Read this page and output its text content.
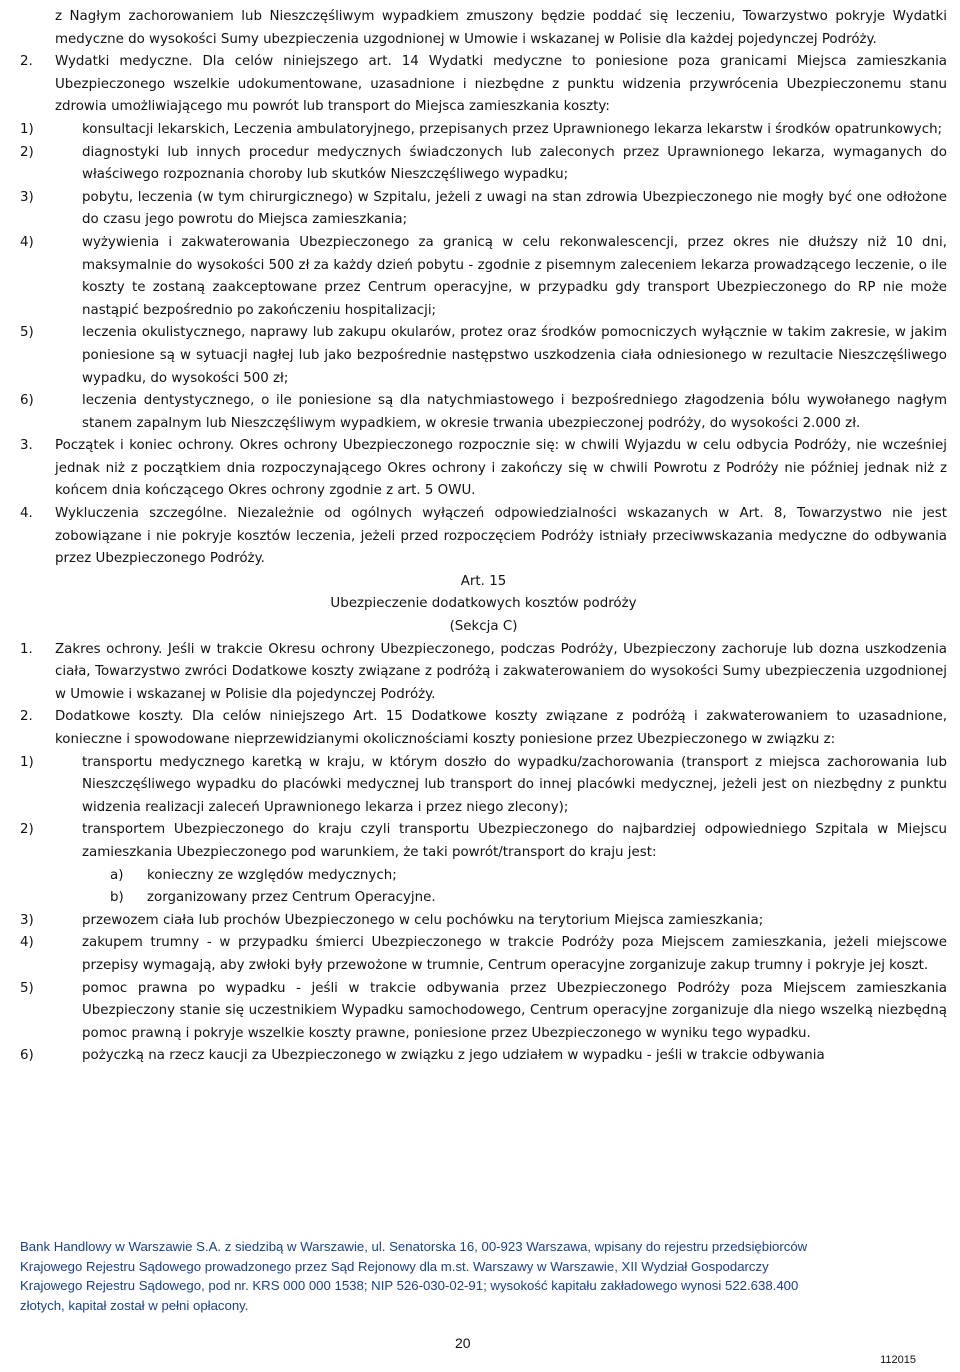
z Nagłym zachorowaniem lub Nieszczęśliwym wypadkiem zmuszony będzie poddać się leczeniu, Towarzystwo pokryje Wydatki medyczne do wysokości Sumy ubezpieczenia uzgodnionej w Umowie i wskazanej w Polisie dla każdej pojedynczej Podróży.

2.	Wydatki medyczne. Dla celów niniejszego art. 14 Wydatki medyczne to poniesione poza granicami Miejsca zamieszkania Ubezpieczonego wszelkie udokumentowane, uzasadnione i niezbędne z punktu widzenia przywrócenia Ubezpieczonemu stanu zdrowia umożliwiającego mu powrót lub transport do Miejsca zamieszkania koszty:
1)	konsultacji lekarskich, Leczenia ambulatoryjnego, przepisanych przez Uprawnionego lekarza lekarstw i środków opatrunkowych;
2)	diagnostyki lub innych procedur medycznych świadczonych lub zaleconych przez Uprawnionego lekarza, wymaganych do właściwego rozpoznania choroby lub skutków Nieszczęśliwego wypadku;
3)	pobytu, leczenia (w tym chirurgicznego) w Szpitalu, jeżeli z uwagi na stan zdrowia Ubezpieczonego nie mogły być one odłożone do czasu jego powrotu do Miejsca zamieszkania;
4)	wyżywienia i zakwaterowania Ubezpieczonego za granicą w celu rekonwalescencji, przez okres nie dłuższy niż 10 dni, maksymalnie do wysokości 500 zł za każdy dzień pobytu - zgodnie z pisemnym zaleceniem lekarza prowadzącego leczenie, o ile koszty te zostaną zaakceptowane przez Centrum operacyjne, w przypadku gdy transport Ubezpieczonego do RP nie może nastąpić bezpośrednio po zakończeniu hospitalizacji;
5)	leczenia okulistycznego, naprawy lub zakupu okularów, protez oraz środków pomocniczych wyłącznie w takim zakresie, w jakim poniesione są w sytuacji nagłej lub jako bezpośrednie następstwo uszkodzenia ciała odniesionego w rezultacie Nieszczęśliwego wypadku, do wysokości 500 zł;
6)	leczenia dentystycznego, o ile poniesione są dla natychmiastowego i bezpośredniego złagodzenia bólu wywołanego nagłym stanem zapalnym lub Nieszczęśliwym wypadkiem, w okresie trwania ubezpieczonej podróży, do wysokości 2.000 zł.
3.	Początek i koniec ochrony. Okres ochrony Ubezpieczonego rozpocznie się: w chwili Wyjazdu w celu odbycia Podróży, nie wcześniej jednak niż z początkiem dnia rozpoczynającego Okres ochrony i zakończy się w chwili Powrotu z Podróży nie później jednak niż z końcem dnia kończącego Okres ochrony zgodnie z art. 5 OWU.
4.	Wykluczenia szczególne. Niezależnie od ogólnych wyłączeń odpowiedzialności wskazanych w Art. 8, Towarzystwo nie jest zobowiązane i nie pokryje kosztów leczenia, jeżeli przed rozpoczęciem Podróży istniały przeciwwskazania medyczne do odbywania przez Ubezpieczonego Podróży.

Art. 15

Ubezpieczenie dodatkowych kosztów podróży

(Sekcja C)

1.	Zakres ochrony. Jeśli w trakcie Okresu ochrony Ubezpieczonego, podczas Podróży, Ubezpieczony zachoruje lub dozna uszkodzenia ciała, Towarzystwo zwróci Dodatkowe koszty związane z podróżą i zakwaterowaniem do wysokości Sumy ubezpieczenia uzgodnionej w Umowie i wskazanej w Polisie dla pojedynczej Podróży.
2.	Dodatkowe koszty. Dla celów niniejszego Art. 15 Dodatkowe koszty związane z podróżą i zakwaterowaniem to uzasadnione, konieczne i spowodowane nieprzewidzianymi okolicznościami koszty poniesione przez Ubezpieczonego w związku z:
1)	transportu medycznego karetką w kraju, w którym doszło do wypadku/zachorowania (transport z miejsca zachorowania lub Nieszczęśliwego wypadku do placówki medycznej lub transport do innej placówki medycznej, jeżeli jest on niezbędny z punktu widzenia realizacji zaleceń Uprawnionego lekarza i przez niego zlecony);
2)	transportem Ubezpieczonego do kraju czyli transportu Ubezpieczonego do najbardziej odpowiedniego Szpitala w Miejscu zamieszkania Ubezpieczonego pod warunkiem, że taki powrót/transport do kraju jest:
a)	konieczny ze względów medycznych;
b)	zorganizowany przez Centrum Operacyjne.
3)	przewozem ciała lub prochów Ubezpieczonego w celu pochówku na terytorium Miejsca zamieszkania;
4)	zakupem trumny - w przypadku śmierci Ubezpieczonego w trakcie Podróży poza Miejscem zamieszkania, jeżeli miejscowe przepisy wymagają, aby zwłoki były przewożone w trumnie, Centrum operacyjne zorganizuje zakup trumny i pokryje jej koszt.
5)	pomoc prawna po wypadku - jeśli w trakcie odbywania przez Ubezpieczonego Podróży poza Miejscem zamieszkania Ubezpieczony stanie się uczestnikiem Wypadku samochodowego, Centrum operacyjne zorganizuje dla niego wszelką niezbędną pomoc prawną i pokryje wszelkie koszty prawne, poniesione przez Ubezpieczonego w wyniku tego wypadku.
6)	pożyczką na rzecz kaucji za Ubezpieczonego w związku z jego udziałem w wypadku - jeśli w trakcie odbywania
Bank Handlowy w Warszawie S.A. z siedzibą w Warszawie, ul. Senatorska 16, 00-923 Warszawa, wpisany do rejestru przedsiębiorców
Krajowego Rejestru Sądowego prowadzonego przez Sąd Rejonowy dla m.st. Warszawy w Warszawie, XII Wydział Gospodarczy
Krajowego Rejestru Sądowego, pod nr. KRS 000 000 1538; NIP 526-030-02-91; wysokość kapitału zakładowego wynosi 522.638.400
złotych, kapitał został w pełni opłacony.
20
112015
